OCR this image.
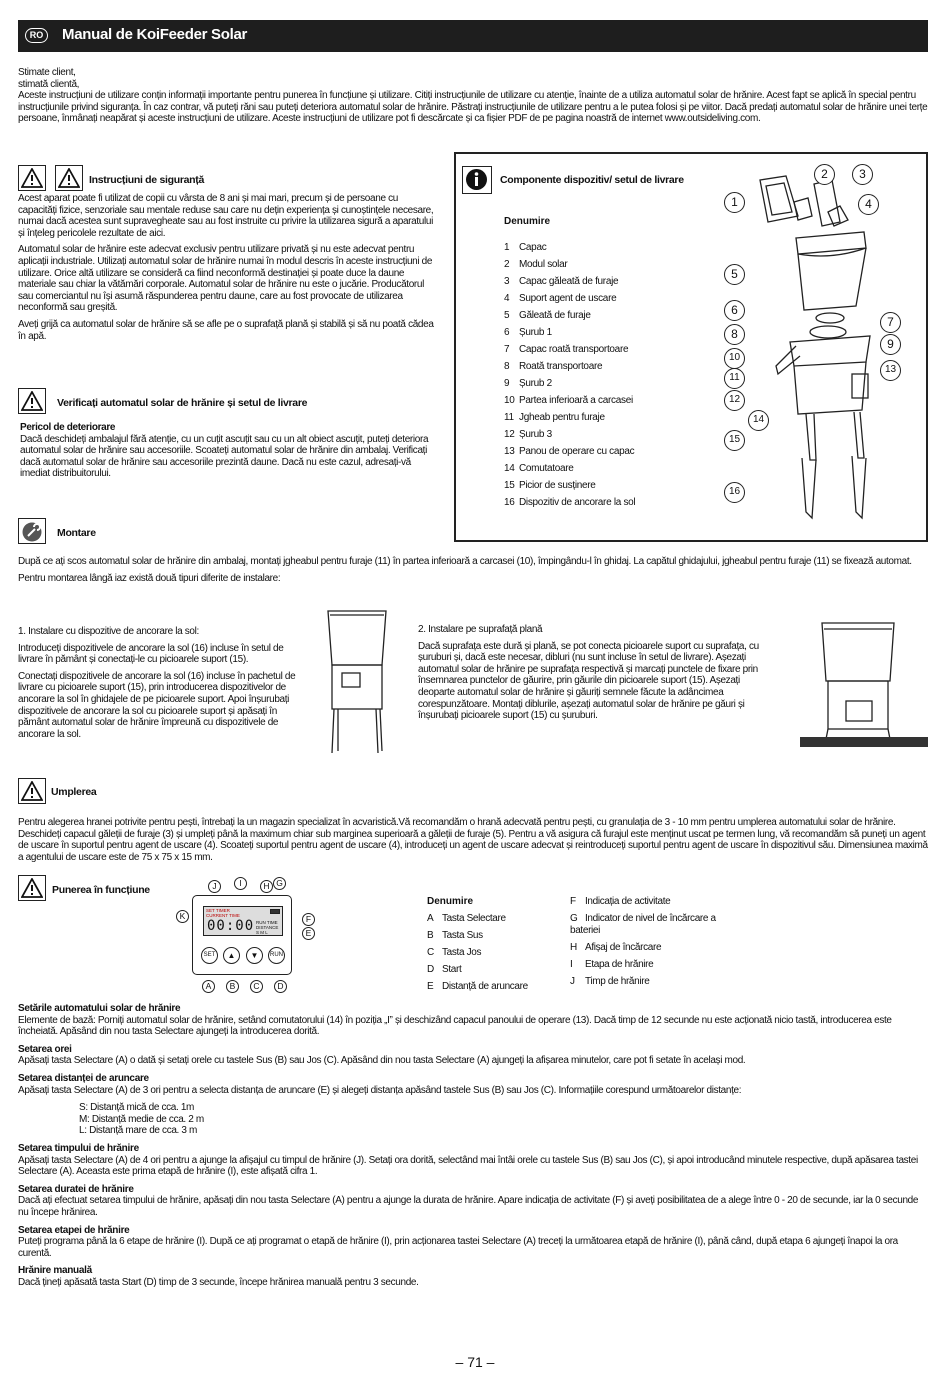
RO	Manual de KoiFeeder Solar

Stimate client,

stimată clientă,

Aceste instrucțiuni de utilizare conțin informații importante pentru punerea în funcțiune și utilizare. Citiți instrucțiunile de utilizare cu atenție, înainte de a utiliza automatul solar de hrănire. Acest fapt se aplică în special pentru instrucțiunile privind siguranța. În caz contrar, vă puteți răni sau puteți deteriora automatul solar de hrănire. Păstrați instrucțiunile de utilizare pentru a le putea folosi și pe viitor. Dacă predați automatul solar de hrănire unei terțe persoane, înmânați neapărat și aceste instrucțiuni de utilizare. Aceste instrucțiuni de utilizare pot fi descărcate și ca fișier PDF de pe pagina noastră de internet www.outsideliving.com.

Instrucțiuni de siguranță

Acest aparat poate fi utilizat de copii cu vârsta de 8 ani și mai mari, precum și de persoane cu capacități fizice, senzoriale sau mentale reduse sau care nu dețin experiența și cunoștințele necesare, numai dacă acestea sunt supravegheate sau au fost instruite cu privire la utilizarea sigură a aparatului și înțeleg pericolele rezultate de aici.

Automatul solar de hrănire este adecvat exclusiv pentru utilizare privată și nu este adecvat pentru aplicații industriale. Utilizați automatul solar de hrănire numai în modul descris în aceste instrucțiuni de utilizare. Orice altă utilizare se consideră ca fiind neconformă destinației și poate duce la daune materiale sau chiar la vătămări corporale. Automatul solar de hrănire nu este o jucărie. Producătorul sau comerciantul nu își asumă răspunderea pentru daune, care au fost provocate de utilizarea neconformă sau greșită.

Aveți grijă ca automatul solar de hrănire să se afle pe o suprafață plană și stabilă și să nu poată cădea în apă.

Verificați automatul solar de hrănire și setul de livrare

Pericol de deteriorare

Dacă deschideți ambalajul fără atenție, cu un cuțit ascuțit sau cu un alt obiect ascuțit, puteți deteriora automatul solar de hrănire sau accesoriile. Scoateți automatul solar de hrănire din ambalaj. Verificați dacă automatul solar de hrănire sau accesoriile prezintă daune. Dacă nu este cazul, adresați-vă imediat distribuitorului.

Componente dispozitiv/ setul de livrare
Denumire
1 Capac
2 Modul solar
3 Capac găleată de furaje
4 Suport agent de uscare
5 Găleată de furaje
6 Șurub 1
7 Capac roată transportoare
8 Roată transportoare
9 Șurub 2
10 Partea inferioară a carcasei
11 Jgheab pentru furaje
12 Șurub 3
13 Panou de operare cu capac
14 Comutatoare
15 Picior de susținere
16 Dispozitiv de ancorare la sol
1
2	3
4
5
6
7
8
9
10
11
12
13
14
15
16
Montare

După ce ați scos automatul solar de hrănire din ambalaj, montați jgheabul pentru furaje (11) în partea inferioară a carcasei (10), împingându-l în ghidaj. La capătul ghidajului, jgheabul pentru furaje (11) se fixează automat.

Pentru montarea lângă iaz există două tipuri diferite de instalare:

1. Instalare cu dispozitive de ancorare la sol:

Introduceți dispozitivele de ancorare la sol (16) incluse în setul de livrare în pământ și conectați-le cu picioarele suport (15).

Conectați dispozitivele de ancorare la sol (16) incluse în pachetul de livrare cu picioarele suport (15), prin introducerea dispozitivelor de ancorare la sol în ghidajele de pe picioarele suport. Apoi înșurubați dispozitivele de ancorare la sol cu picioarele suport și apăsați în pământ automatul solar de hrănire împreună cu dispozitivele de ancorare la sol.

2. Instalare pe suprafață plană

Dacă suprafața este dură și plană, se pot conecta picioarele suport cu suprafața, cu șuruburi și, dacă este necesar, dibluri (nu sunt incluse în setul de livrare). Așezați automatul solar de hrănire pe suprafața respectivă și marcați punctele de fixare prin însemnarea punctelor de găurire, prin găurile din picioarele suport (15). Așezați deoparte automatul solar de hrănire și găuriți semnele făcute la adâncimea corespunzătoare. Montați diblurile, așezați automatul solar de hrănire pe găuri și înșurubați picioarele suport (15) cu șuruburi.

Umplerea

Pentru alegerea hranei potrivite pentru pești, întrebați la un magazin specializat în acvaristică.Vă recomandăm o hrană adecvată pentru pești, cu granulația de 3 - 10 mm pentru umplerea automatului solar de hrănire. Deschideți capacul găleții de furaje (3) și umpleți până la maximum chiar sub marginea superioară a găleții de furaje (5). Pentru a vă asigura că furajul este menținut uscat pe termen lung, vă recomandăm să puneți un agent de uscare în suportul pentru agent de uscare (4). Scoateți suportul pentru agent de uscare (4), introduceți un agent de uscare adecvat și reintroduceți suportul pentru agent de uscare în dispozitivul său. Dimensiunea maximă a agentului de uscare este de 75 x 75 x 15 mm.

Punerea în funcțiune
SET TIMER
CURRENT TIME
00:00 RUN TIME
DISTANCE
S M L
SET	▲	▼	RUN
J	I	H G
K	F
E
A	B	C	D
Denumire
A Tasta Selectare
B Tasta Sus
C Tasta Jos
D Start
E Distanță de aruncare
F Indicația de activitate
G Indicator de nivel de încărcare a bateriei
H Afișaj de încărcare
I Etapa de hrănire
J Timp de hrănire

Setările automatului solar de hrănire

Elemente de bază: Porniți automatul solar de hrănire, setând comutatorului (14) în poziția „I” și deschizând capacul panoului de operare (13). Dacă timp de 12 secunde nu este acționată nicio tastă, introducerea este încheiată. Apăsând din nou tasta Selectare ajungeți la introducerea dorită.

Setarea orei

Apăsați tasta Selectare (A) o dată și setați orele cu tastele Sus (B) sau Jos (C). Apăsând din nou tasta Selectare (A) ajungeți la afișarea minutelor, care pot fi setate în același mod.

Setarea distanței de aruncare

Apăsați tasta Selectare (A) de 3 ori pentru a selecta distanța de aruncare (E) și alegeți distanța apăsând tastele Sus (B) sau Jos (C). Informațiile corespund următoarelor distanțe:

S: Distanță mică de cca. 1m

M: Distanță medie de cca. 2 m

L: Distanță mare de cca. 3 m

Setarea timpului de hrănire

Apăsați tasta Selectare (A) de 4 ori pentru a ajunge la afișajul cu timpul de hrănire (J). Setați ora dorită, selectând mai întâi orele cu tastele Sus (B) sau Jos (C), și apoi introducând minutele respective, după apăsarea tastei Selectare (A). Aceasta este prima etapă de hrănire (I), este afișată cifra 1.

Setarea duratei de hrănire

Dacă ați efectuat setarea timpului de hrănire, apăsați din nou tasta Selectare (A) pentru a ajunge la durata de hrănire. Apare indicația de activitate (F) și aveți posibilitatea de a alege între 0 - 20 de secunde, iar la 0 secunde nu începe hrănirea.

Setarea etapei de hrănire

Puteți programa până la 6 etape de hrănire (I). După ce ați programat o etapă de hrănire (I), prin acționarea tastei Selectare (A) treceți la următoarea etapă de hrănire (I), până când, după etapa 6 ajungeți înapoi la ora curentă.

Hrănire manuală

Dacă țineți apăsată tasta Start (D) timp de 3 secunde, începe hrănirea manuală pentru 3 secunde.

– 71 –
